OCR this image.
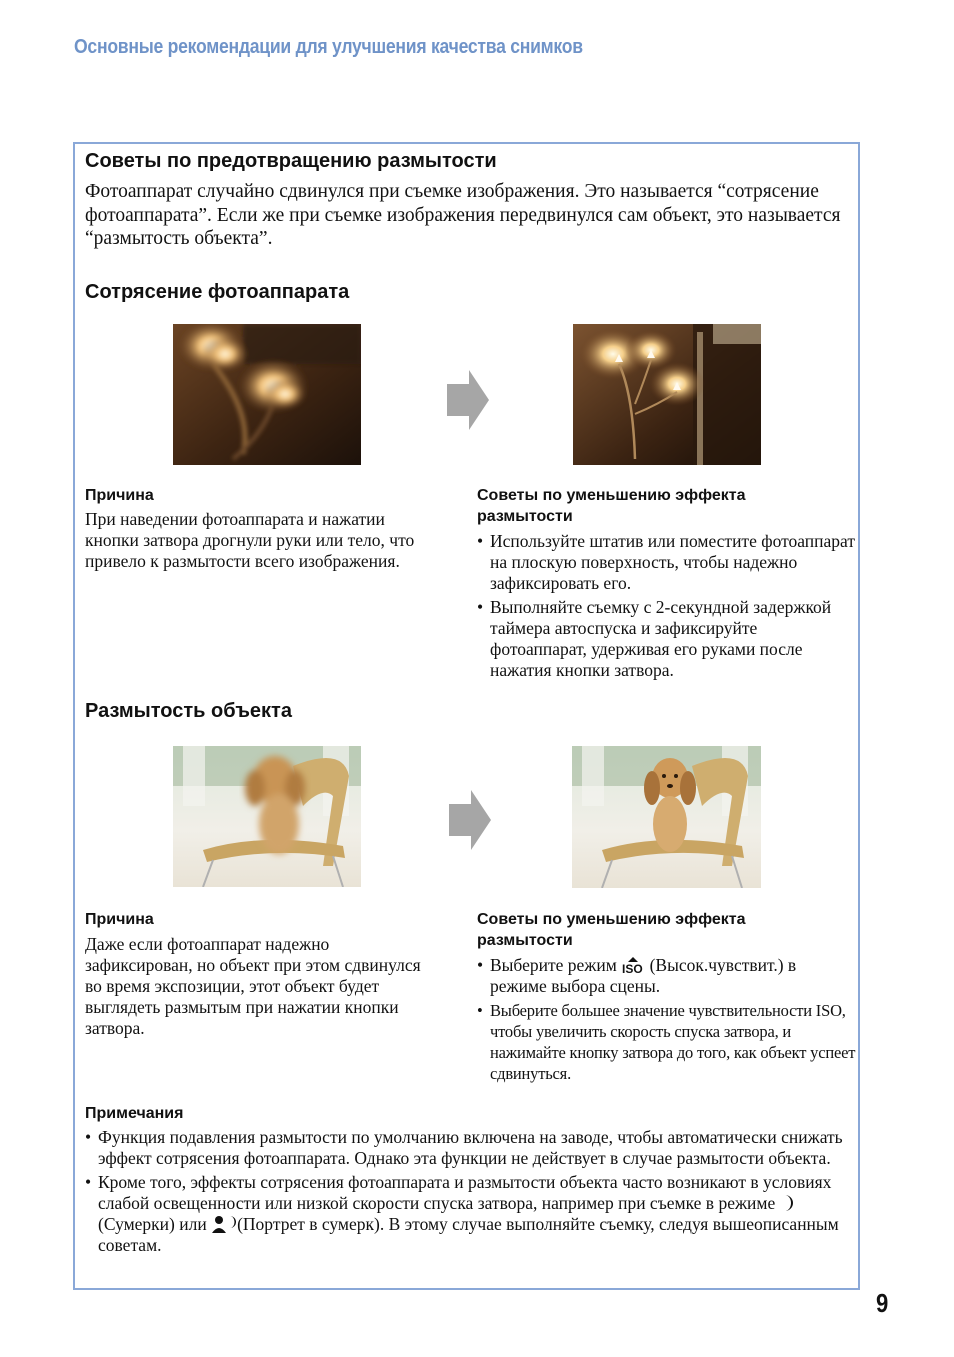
Основные рекомендации для улучшения качества снимков
Советы по предотвращению размытости
Фотоаппарат случайно сдвинулся при съемке изображения. Это называется “сотрясение фотоаппарата”. Если же при съемке изображения передвинулся сам объект, это называется “размытость объекта”.
Сотрясение фотоаппарата
Причина
При наведении фотоаппарата и нажатии кнопки затвора дрогнули руки или тело, что привело к размытости всего изображения.
Советы по уменьшению эффекта размытости
• Используйте штатив или поместите фотоаппарат на плоскую поверхность, чтобы надежно зафиксировать его.
• Выполняйте съемку с 2-секундной задержкой таймера автоспуска и зафиксируйте фотоаппарат, удерживая его руками после нажатия кнопки затвора.
Размытость объекта
Причина
Даже если фотоаппарат надежно зафиксирован, но объект при этом сдвинулся во время экспозиции, этот объект будет выглядеть размытым при нажатии кнопки затвора.
Советы по уменьшению эффекта размытости
• Выберите режим ISO (Высок.чувствит.) в режиме выбора сцены.
• Выберите большее значение чувствительности ISO, чтобы увеличить скорость спуска затвора, и нажимайте кнопку затвора до того, как объект успеет сдвинуться.
Примечания
• Функция подавления размытости по умолчанию включена на заводе, чтобы автоматически снижать эффект сотрясения фотоаппарата. Однако эта функции не действует в случае размытости объекта.
• Кроме того, эффекты сотрясения фотоаппарата и размытости объекта часто возникают в условиях слабой освещенности или низкой скорости спуска затвора, например при съемке в режиме (Сумерки) или (Портрет в сумерк). В этому случае выполняйте съемку, следуя вышеописанным советам.
9
